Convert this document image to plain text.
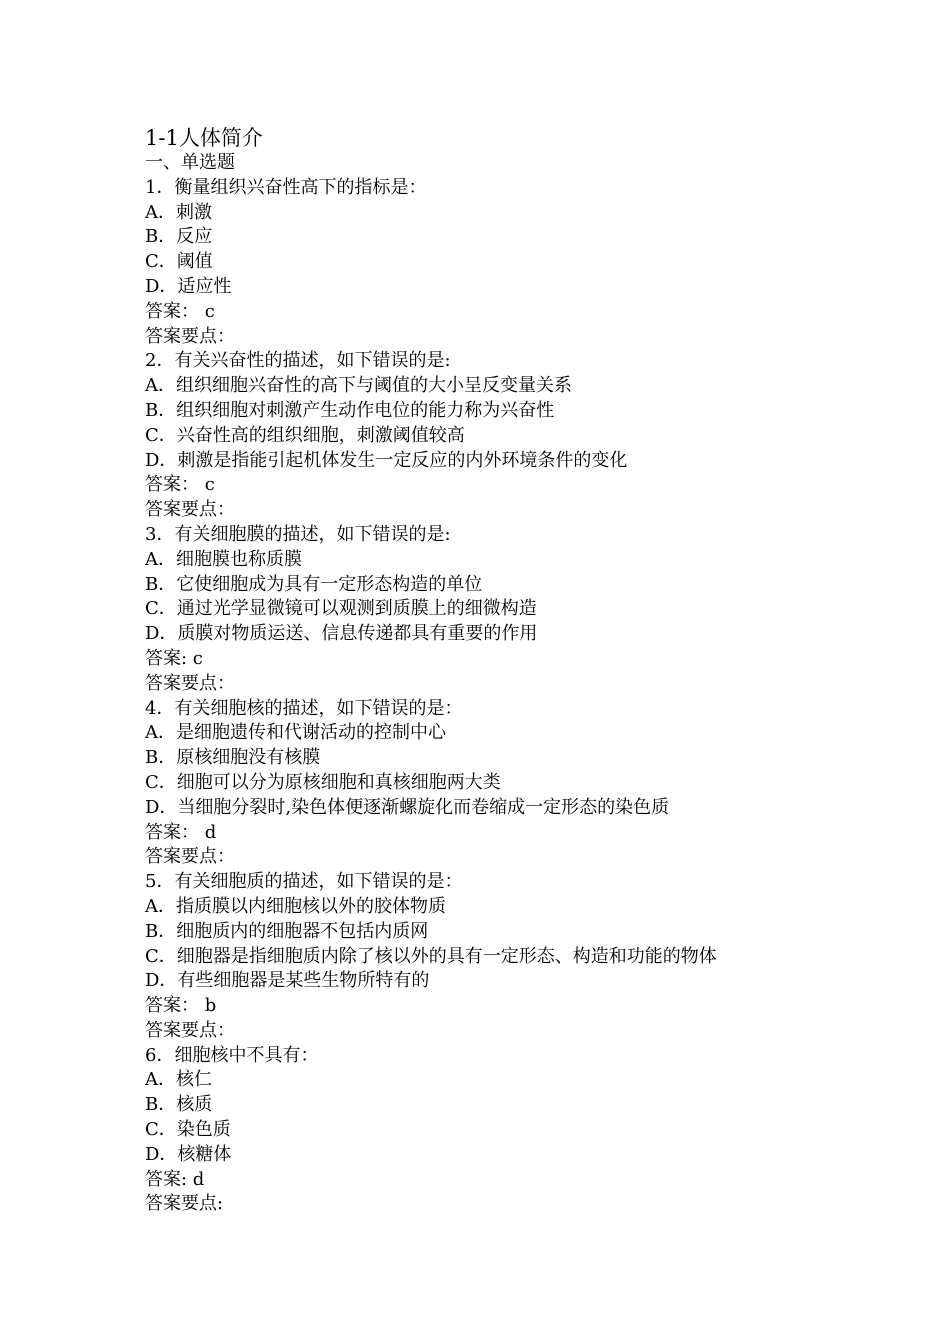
1-1人体简介
一、单选题
1．衡量组织兴奋性高下的指标是：
A．刺激
B．反应
C．阈值
D．适应性
答案： c
答案要点：
2．有关兴奋性的描述，如下错误的是:
A．组织细胞兴奋性的高下与阈值的大小呈反变量关系
B．组织细胞对刺激产生动作电位的能力称为兴奋性
C．兴奋性高的组织细胞，刺激阈值较高
D．刺激是指能引起机体发生一定反应的内外环境条件的变化
答案： c
答案要点：
3．有关细胞膜的描述，如下错误的是:
A．细胞膜也称质膜
B．它使细胞成为具有一定形态构造的单位
C．通过光学显微镜可以观测到质膜上的细微构造
D．质膜对物质运送、信息传递都具有重要的作用
答案: c
答案要点：
4．有关细胞核的描述，如下错误的是：
A．是细胞遗传和代谢活动的控制中心
B．原核细胞没有核膜
C．细胞可以分为原核细胞和真核细胞两大类
D．当细胞分裂时,染色体便逐渐螺旋化而卷缩成一定形态的染色质
答案： d
答案要点：
5．有关细胞质的描述，如下错误的是：
A．指质膜以内细胞核以外的胶体物质
B．细胞质内的细胞器不包括内质网
C．细胞器是指细胞质内除了核以外的具有一定形态、构造和功能的物体
D．有些细胞器是某些生物所特有的
答案： b
答案要点：
6．细胞核中不具有：
A．核仁
B．核质
C．染色质
D．核糖体
答案: d
答案要点:
